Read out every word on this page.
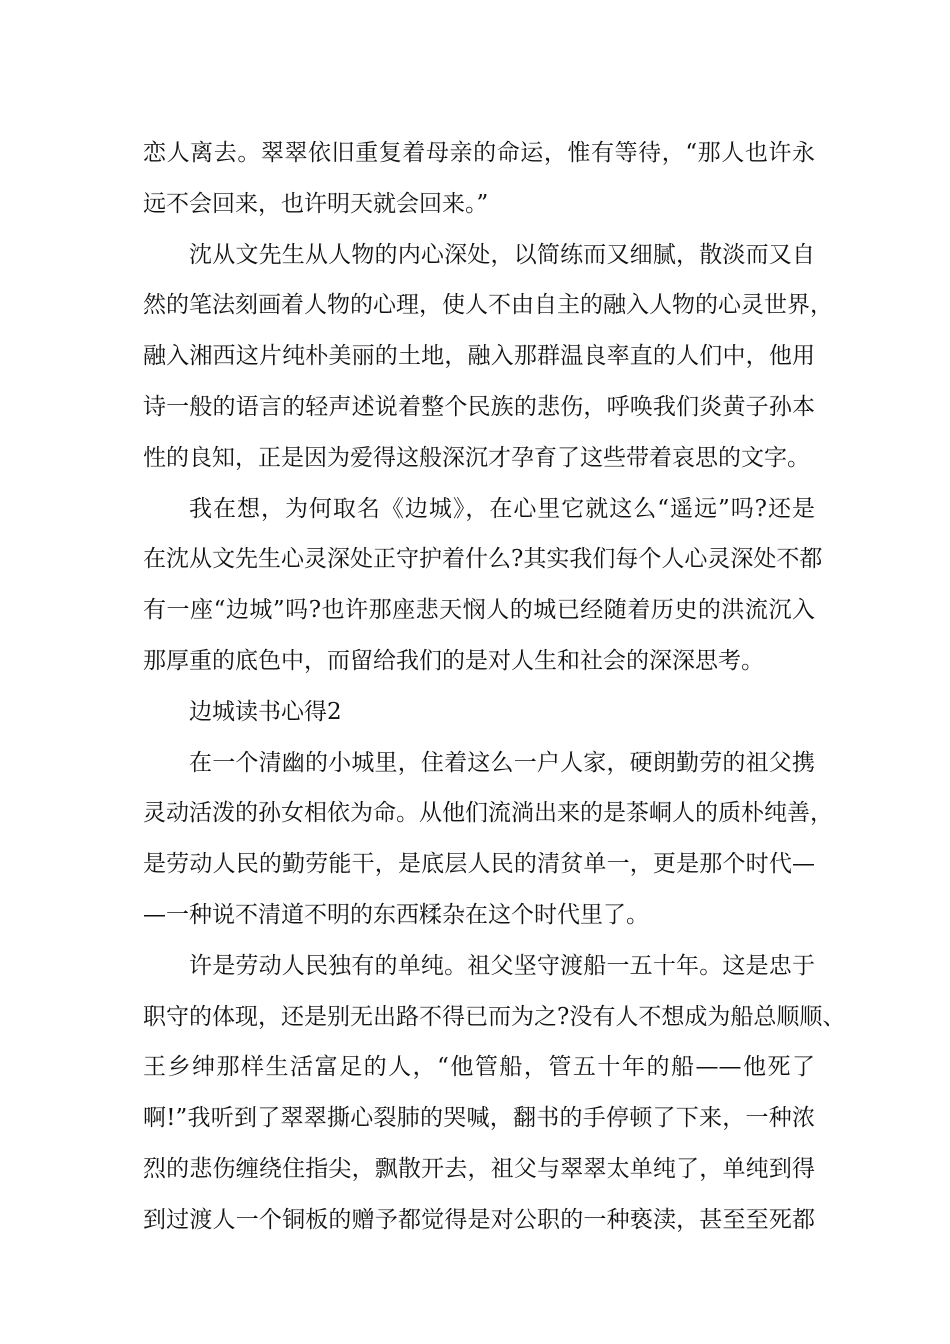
恋人离去。翠翠依旧重复着母亲的命运，惟有等待，“那人也许永
远不会回来，也许明天就会回来。”
沈从文先生从人物的内心深处，以简练而又细腻，散淡而又自
然的笔法刻画着人物的心理，使人不由自主的融入人物的心灵世界，
融入湘西这片纯朴美丽的土地，融入那群温良率直的人们中，他用
诗一般的语言的轻声述说着整个民族的悲伤，呼唤我们炎黄子孙本
性的良知，正是因为爱得这般深沉才孕育了这些带着哀思的文字。
我在想，为何取名《边城》，在心里它就这么“遥远”吗?还是
在沈从文先生心灵深处正守护着什么?其实我们每个人心灵深处不都
有一座“边城”吗?也许那座悲天悯人的城已经随着历史的洪流沉入
那厚重的底色中，而留给我们的是对人生和社会的深深思考。
边城读书心得2
在一个清幽的小城里，住着这么一户人家，硬朗勤劳的祖父携
灵动活泼的孙女相依为命。从他们流淌出来的是茶峒人的质朴纯善，
是劳动人民的勤劳能干，是底层人民的清贫单一，更是那个时代—
—一种说不清道不明的东西糅杂在这个时代里了。
许是劳动人民独有的单纯。祖父坚守渡船一五十年。这是忠于
职守的体现，还是别无出路不得已而为之?没有人不想成为船总顺顺、
王乡绅那样生活富足的人，“他管船，管五十年的船——他死了
啊!”我听到了翠翠撕心裂肺的哭喊，翻书的手停顿了下来，一种浓
烈的悲伤缠绕住指尖，飘散开去，祖父与翠翠太单纯了，单纯到得
到过渡人一个铜板的赠予都觉得是对公职的一种亵渎，甚至至死都
